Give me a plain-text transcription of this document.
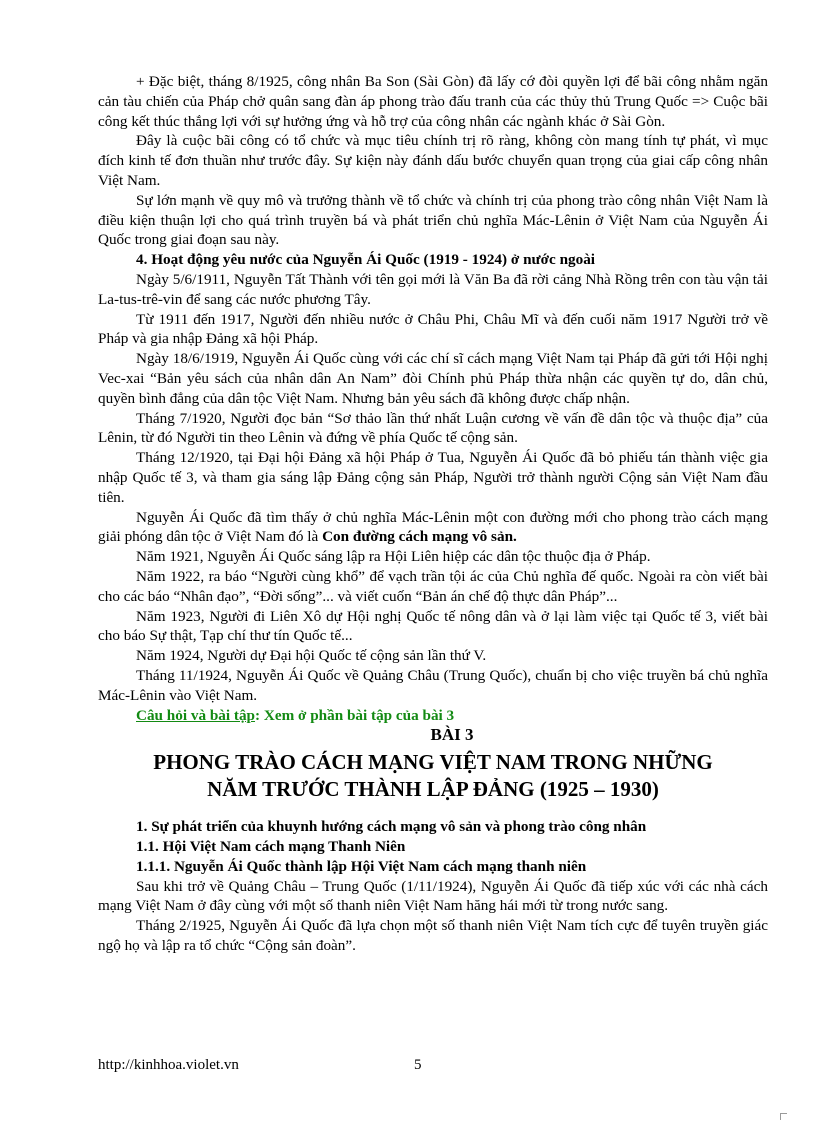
+ Đặc biệt, tháng 8/1925, công nhân Ba Son (Sài Gòn) đã lấy cớ đòi quyền lợi để bãi công nhằm ngăn cản tàu chiến của Pháp chở quân sang đàn áp phong trào đấu tranh của các thủy thủ Trung Quốc => Cuộc bãi công kết thúc thắng lợi với sự hưởng ứng và hỗ trợ của công nhân các ngành khác ở Sài Gòn.

Đây là cuộc bãi công có tổ chức và mục tiêu chính trị rõ ràng, không còn mang tính tự phát, vì mục đích kinh tế đơn thuần như trước đây. Sự kiện này đánh dấu bước chuyển quan trọng của giai cấp công nhân Việt Nam.

Sự lớn mạnh về quy mô và trưởng thành về tổ chức và chính trị của phong trào công nhân Việt Nam là điều kiện thuận lợi cho quá trình truyền bá và phát triển chủ nghĩa Mác-Lênin ở Việt Nam của Nguyễn Ái Quốc trong giai đoạn sau này.

4. Hoạt động yêu nước của Nguyễn Ái Quốc (1919 - 1924) ở nước ngoài

Ngày 5/6/1911, Nguyễn Tất Thành với tên gọi mới là Văn Ba đã rời cảng Nhà Rồng trên con tàu vận tải La-tus-trê-vin để sang các nước phương Tây.

Từ 1911 đến 1917, Người đến nhiều nước ở Châu Phi, Châu Mĩ và đến cuối năm 1917 Người trở về Pháp và gia nhập Đảng xã hội Pháp.

Ngày 18/6/1919, Nguyễn Ái Quốc cùng với các chí sĩ cách mạng Việt Nam tại Pháp đã gửi tới Hội nghị Vec-xai “Bản yêu sách của nhân dân An Nam” đòi Chính phủ Pháp thừa nhận các quyền tự do, dân chủ, quyền bình đẳng của dân tộc Việt Nam. Nhưng bản yêu sách đã không được chấp nhận.

Tháng 7/1920, Người đọc bản “Sơ thảo lần thứ nhất Luận cương về vấn đề dân tộc và thuộc địa” của Lênin, từ đó Người tin theo Lênin và đứng về phía Quốc tế cộng sản.

Tháng 12/1920, tại Đại hội Đảng xã hội Pháp ở Tua, Nguyễn Ái Quốc đã bỏ phiếu tán thành việc gia nhập Quốc tế 3, và tham gia sáng lập Đảng cộng sản Pháp, Người trở thành người Cộng sản Việt Nam đầu tiên.

Nguyễn Ái Quốc đã tìm thấy ở chủ nghĩa Mác-Lênin một con đường mới cho phong trào cách mạng giải phóng dân tộc ở Việt Nam đó là Con đường cách mạng vô sản.

Năm 1921, Nguyễn Ái Quốc sáng lập ra Hội Liên hiệp các dân tộc thuộc địa ở Pháp.

Năm 1922, ra báo “Người cùng khổ” để vạch trần tội ác của Chủ nghĩa đế quốc. Ngoài ra còn viết bài cho các báo “Nhân đạo”, “Đời sống”... và viết cuốn “Bản án chế độ thực dân Pháp”...

Năm 1923, Người đi Liên Xô dự Hội nghị Quốc tế nông dân và ở lại làm việc tại Quốc tế 3, viết bài cho báo Sự thật, Tạp chí thư tín Quốc tế...

Năm 1924, Người dự Đại hội Quốc tế cộng sản lần thứ V.

Tháng 11/1924, Nguyễn Ái Quốc về Quảng Châu (Trung Quốc), chuẩn bị cho việc truyền bá chủ nghĩa Mác-Lênin vào Việt Nam.

Câu hỏi và bài tập: Xem ở phần bài tập của bài 3

BÀI 3

PHONG TRÀO CÁCH MẠNG VIỆT NAM TRONG NHỮNG
NĂM TRƯỚC THÀNH LẬP ĐẢNG (1925 – 1930)

1. Sự phát triển của khuynh hướng cách mạng vô sản và phong trào công nhân

1.1. Hội Việt Nam cách mạng Thanh Niên

1.1.1. Nguyễn Ái Quốc thành lập Hội Việt Nam cách mạng thanh niên

Sau khi trở về Quảng Châu – Trung Quốc (1/11/1924), Nguyễn Ái Quốc đã tiếp xúc với các nhà cách mạng Việt Nam ở đây cùng với một số thanh niên Việt Nam hăng hái mới từ trong nước sang.

Tháng 2/1925, Nguyễn Ái Quốc đã lựa chọn một số thanh niên Việt Nam tích cực để tuyên truyền giác ngộ họ và lập ra tổ chức “Cộng sản đoàn”.

http://kinhhoa.violet.vn	5
